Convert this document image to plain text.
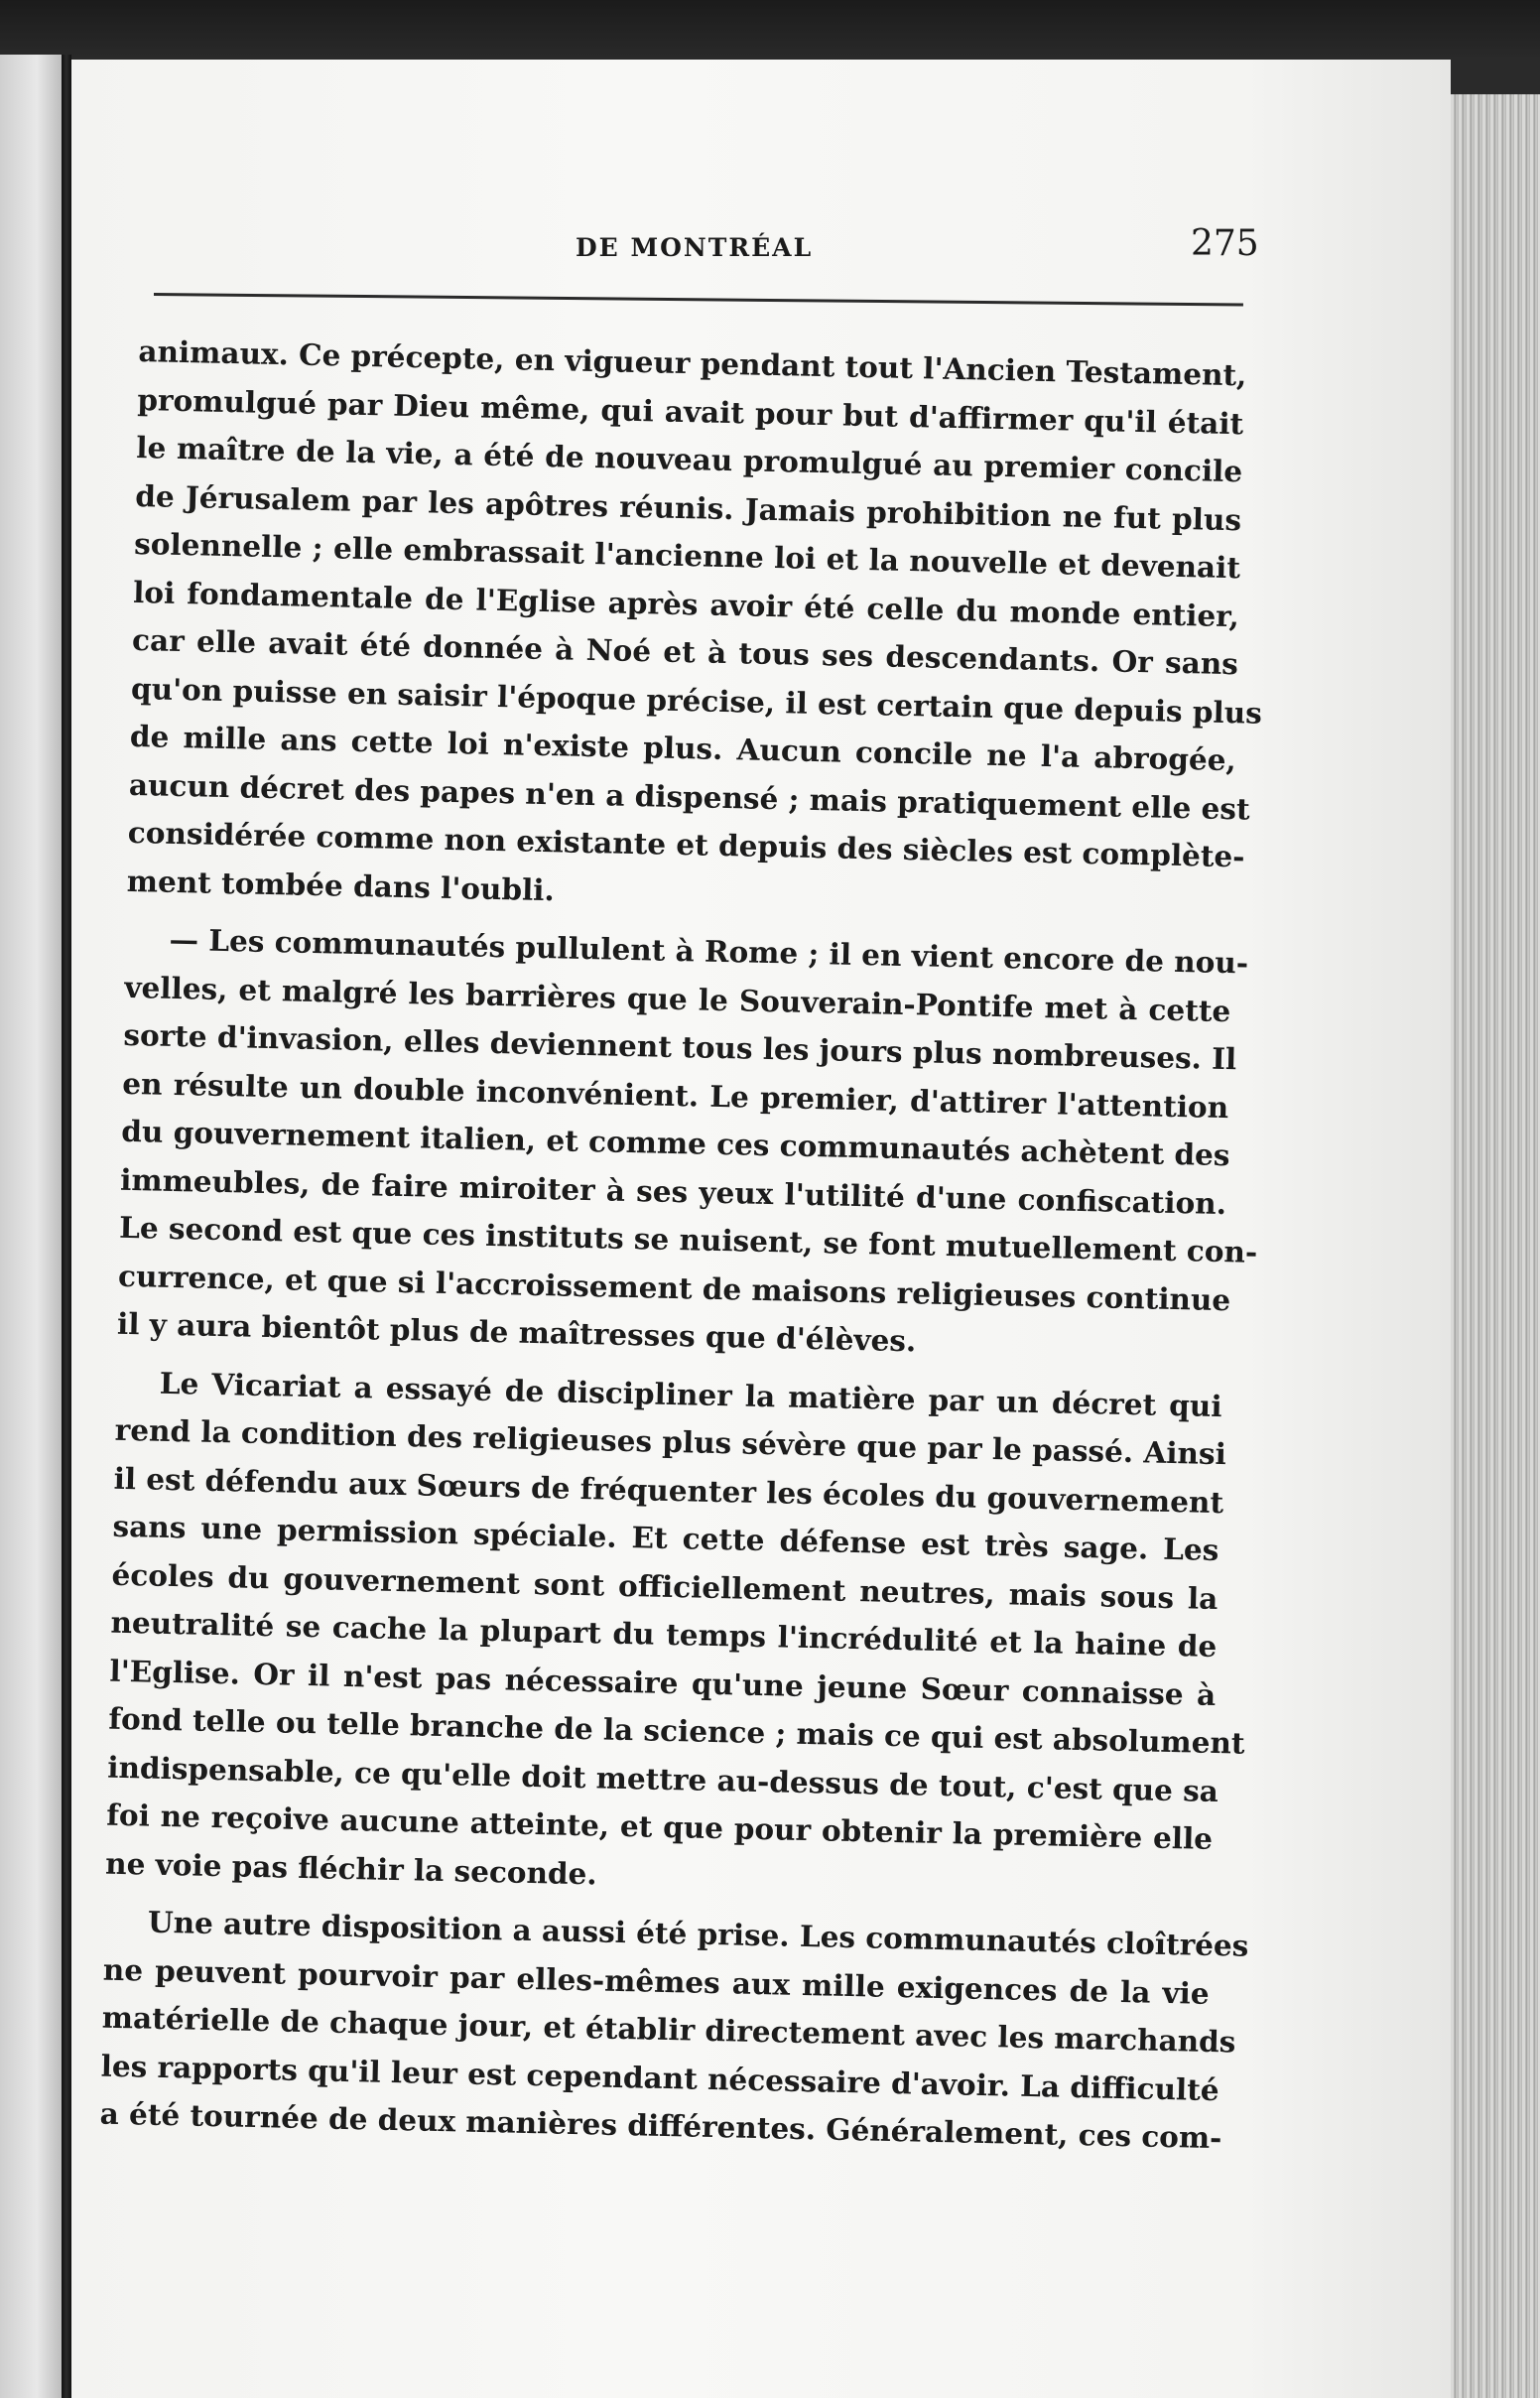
DE MONTRÉAL	275
animaux. Ce précepte, en vigueur pendant tout l'Ancien Testament,
promulgué par Dieu même, qui avait pour but d'affirmer qu'il était
le maître de la vie, a été de nouveau promulgué au premier concile
de Jérusalem par les apôtres réunis. Jamais prohibition ne fut plus
solennelle ; elle embrassait l'ancienne loi et la nouvelle et devenait
loi fondamentale de l'Eglise après avoir été celle du monde entier,
car elle avait été donnée à Noé et à tous ses descendants. Or sans
qu'on puisse en saisir l'époque précise, il est certain que depuis plus
de mille ans cette loi n'existe plus. Aucun concile ne l'a abrogée,
aucun décret des papes n'en a dispensé ; mais pratiquement elle est
considérée comme non existante et depuis des siècles est complète-
ment tombée dans l'oubli.
— Les communautés pullulent à Rome ; il en vient encore de nou-
velles, et malgré les barrières que le Souverain-Pontife met à cette
sorte d'invasion, elles deviennent tous les jours plus nombreuses. Il
en résulte un double inconvénient. Le premier, d'attirer l'attention
du gouvernement italien, et comme ces communautés achètent des
immeubles, de faire miroiter à ses yeux l'utilité d'une confiscation.
Le second est que ces instituts se nuisent, se font mutuellement con-
currence, et que si l'accroissement de maisons religieuses continue
il y aura bientôt plus de maîtresses que d'élèves.
Le Vicariat a essayé de discipliner la matière par un décret qui
rend la condition des religieuses plus sévère que par le passé. Ainsi
il est défendu aux Sœurs de fréquenter les écoles du gouvernement
sans une permission spéciale. Et cette défense est très sage. Les
écoles du gouvernement sont officiellement neutres, mais sous la
neutralité se cache la plupart du temps l'incrédulité et la haine de
l'Eglise. Or il n'est pas nécessaire qu'une jeune Sœur connaisse à
fond telle ou telle branche de la science ; mais ce qui est absolument
indispensable, ce qu'elle doit mettre au-dessus de tout, c'est que sa
foi ne reçoive aucune atteinte, et que pour obtenir la première elle
ne voie pas fléchir la seconde.
Une autre disposition a aussi été prise. Les communautés cloîtrées
ne peuvent pourvoir par elles-mêmes aux mille exigences de la vie
matérielle de chaque jour, et établir directement avec les marchands
les rapports qu'il leur est cependant nécessaire d'avoir. La difficulté
a été tournée de deux manières différentes. Généralement, ces com-
